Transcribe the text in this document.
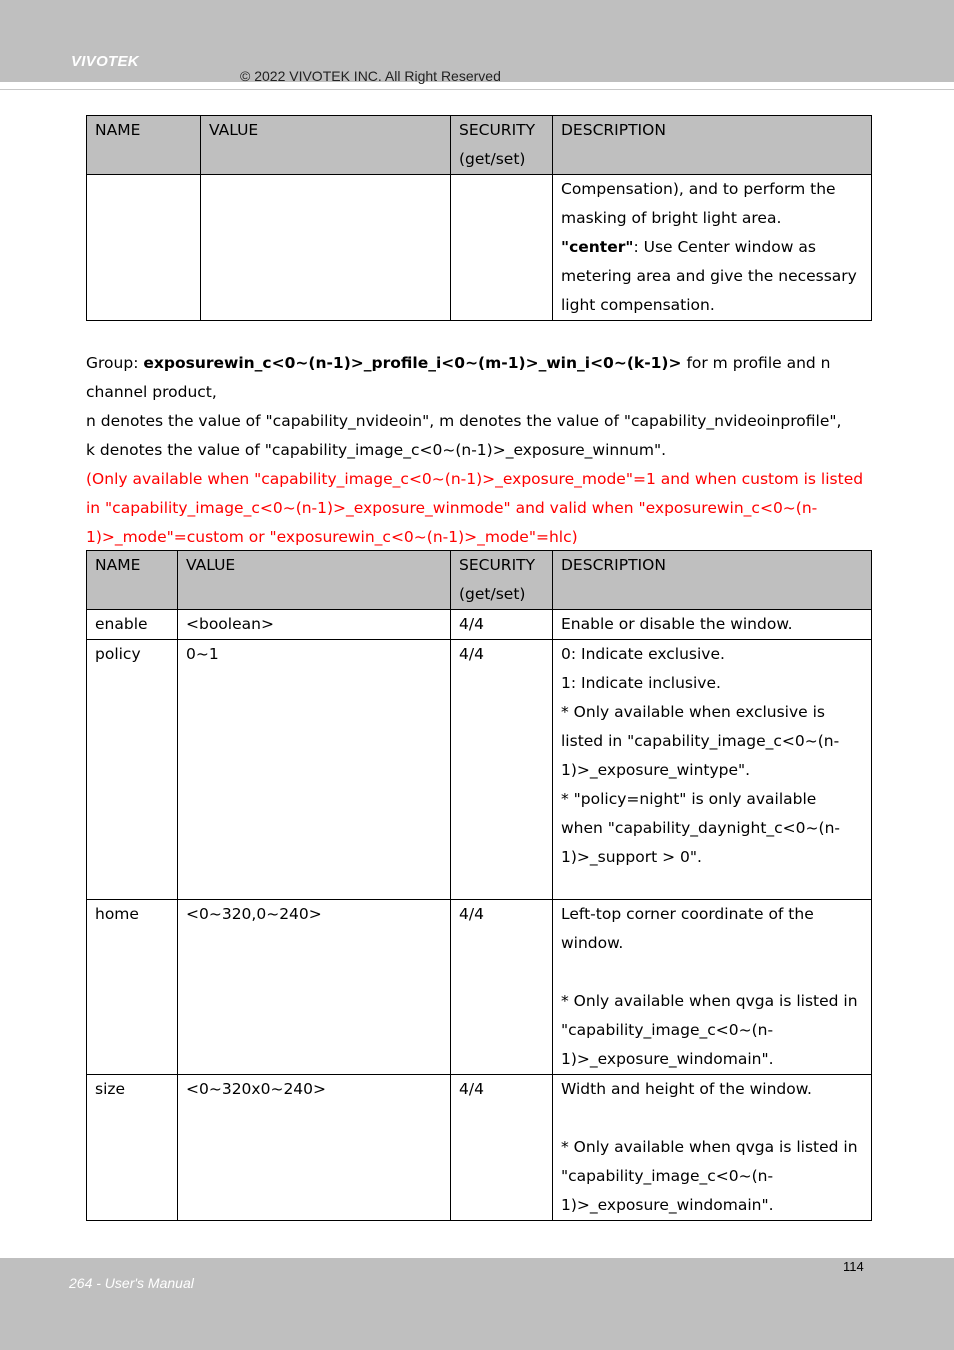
VIVOTEK
© 2022 VIVOTEK INC. All Right Reserved
NAME	VALUE	SECURITY (get/set)	DESCRIPTION
			Compensation), and to perform the masking of bright light area.
"center": Use Center window as metering area and give the necessary light compensation.

Group: exposurewin_c<0~(n-1)>_profile_i<0~(m-1)>_win_i<0~(k-1)> for m profile and n channel product,

n denotes the value of "capability_nvideoin", m denotes the value of "capability_nvideoinprofile",

k denotes the value of "capability_image_c<0~(n-1)>_exposure_winnum".

(Only available when "capability_image_c<0~(n-1)>_exposure_mode"=1 and when custom is listed in "capability_image_c<0~(n-1)>_exposure_winmode" and valid when "exposurewin_c<0~(n-1)>_mode"=custom or "exposurewin_c<0~(n-1)>_mode"=hlc)

NAME	VALUE	SECURITY (get/set)	DESCRIPTION
enable	<boolean>	4/4	Enable or disable the window.

policy	0~1	4/4	0: Indicate exclusive.
1: Indicate inclusive.
* Only available when exclusive is listed in "capability_image_c<0~(n-1)>_exposure_wintype".
* "policy=night" is only available when "capability_daynight_c<0~(n-1)>_support > 0".

home	<0~320,0~240>	4/4	Left-top corner coordinate of the window.
* Only available when qvga is listed in "capability_image_c<0~(n-1)>_exposure_windomain".

size	<0~320x0~240>	4/4	Width and height of the window.
* Only available when qvga is listed in "capability_image_c<0~(n-1)>_exposure_windomain".
114
264 - User's Manual
